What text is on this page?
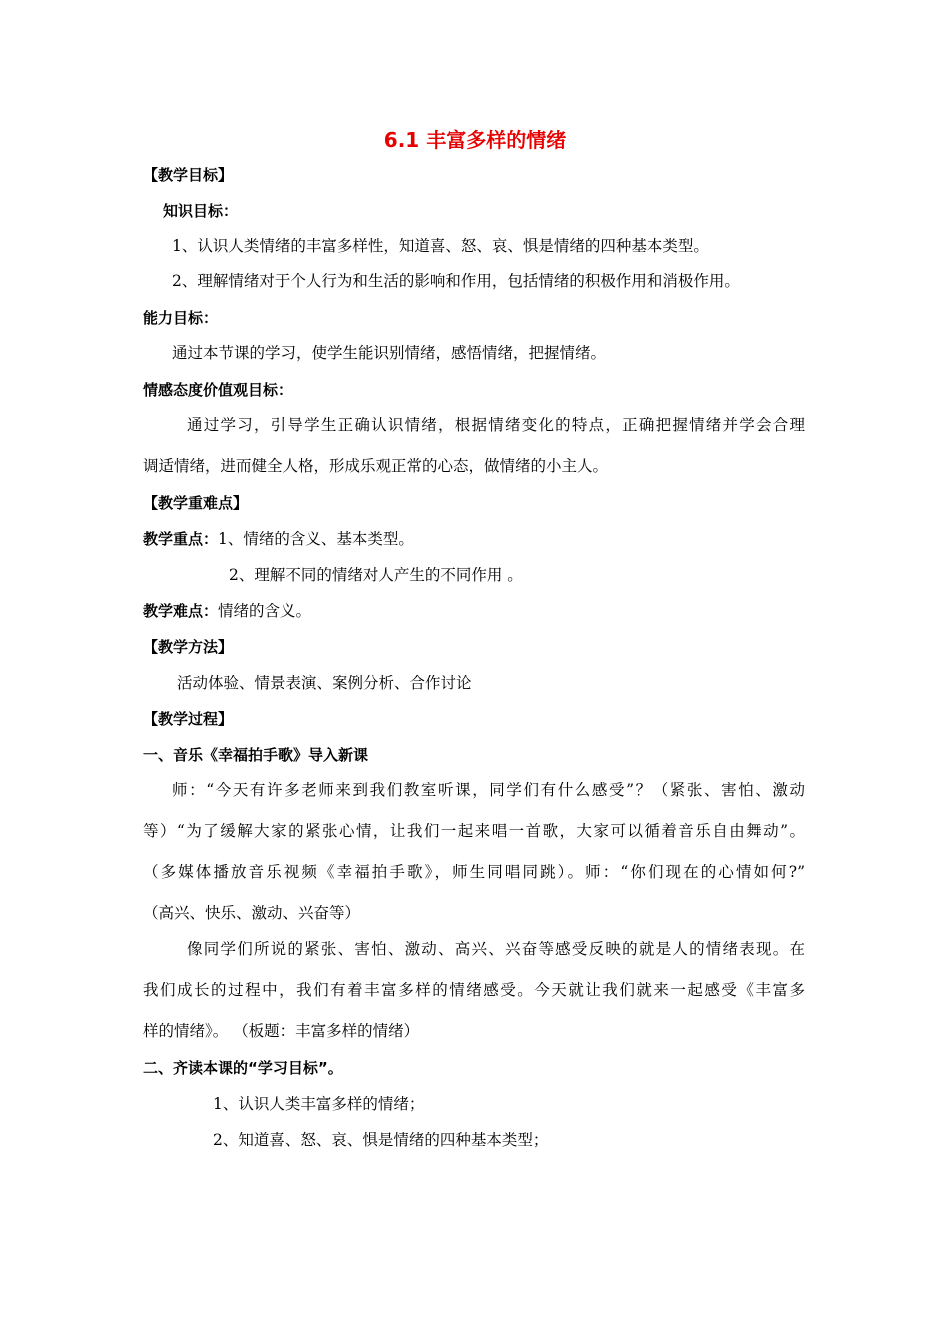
6.1 丰富多样的情绪
【教学目标】
知识目标：
1、认识人类情绪的丰富多样性，知道喜、怒、哀、惧是情绪的四种基本类型。
2、理解情绪对于个人行为和生活的影响和作用，包括情绪的积极作用和消极作用。
能力目标：
通过本节课的学习，使学生能识别情绪，感悟情绪，把握情绪。
情感态度价值观目标：
通过学习，引导学生正确认识情绪，根据情绪变化的特点，正确把握情绪并学会合理
调适情绪，进而健全人格，形成乐观正常的心态，做情绪的小主人。
【教学重难点】
教学重点：1、情绪的含义、基本类型。
2、理解不同的情绪对人产生的不同作用 。
教学难点：情绪的含义。
【教学方法】
活动体验、情景表演、案例分析、合作讨论
【教学过程】
一、音乐《幸福拍手歌》导入新课
师：“今天有许多老师来到我们教室听课，同学们有什么感受”？（紧张、害怕、激动
等）“为了缓解大家的紧张心情，让我们一起来唱一首歌，大家可以循着音乐自由舞动”。
（多媒体播放音乐视频《幸福拍手歌》，师生同唱同跳）。师：“你们现在的心情如何?”
（高兴、快乐、激动、兴奋等）
像同学们所说的紧张、害怕、激动、高兴、兴奋等感受反映的就是人的情绪表现。在
我们成长的过程中，我们有着丰富多样的情绪感受。今天就让我们就来一起感受《丰富多
样的情绪》。 （板题：丰富多样的情绪）
二、齐读本课的“学习目标”。
1、认识人类丰富多样的情绪；
2、知道喜、怒、哀、惧是情绪的四种基本类型；
